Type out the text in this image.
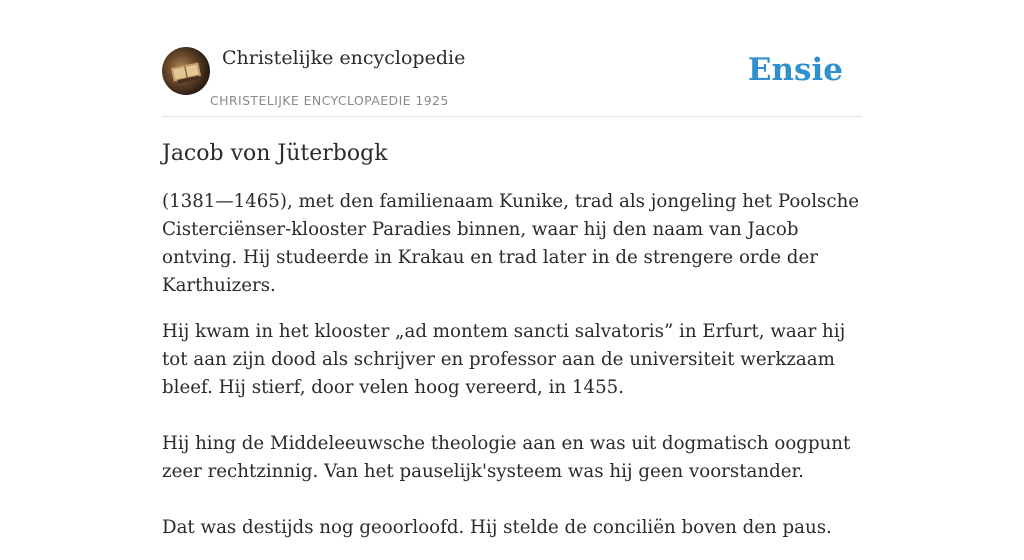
Christelijke encyclopedie
CHRISTELIJKE ENCYCLOPAEDIE 1925
Ensie
Jacob von Jüterbogk

(1381—1465), met den familienaam Kunike, trad als jongeling het Poolsche Cisterciënser-klooster Paradies binnen, waar hij den naam van Jacob ontving. Hij studeerde in Krakau en trad later in de strengere orde der Karthuizers.

Hij kwam in het klooster „ad montem sancti salvatoris” in Erfurt, waar hij tot aan zijn dood als schrijver en professor aan de universiteit werkzaam bleef. Hij stierf, door velen hoog vereerd, in 1455.

Hij hing de Middeleeuwsche theologie aan en was uit dogmatisch oogpunt zeer rechtzinnig. Van het pauselijk'systeem was hij geen voorstander.

Dat was destijds nog geoorloofd. Hij stelde de conciliën boven den paus.
